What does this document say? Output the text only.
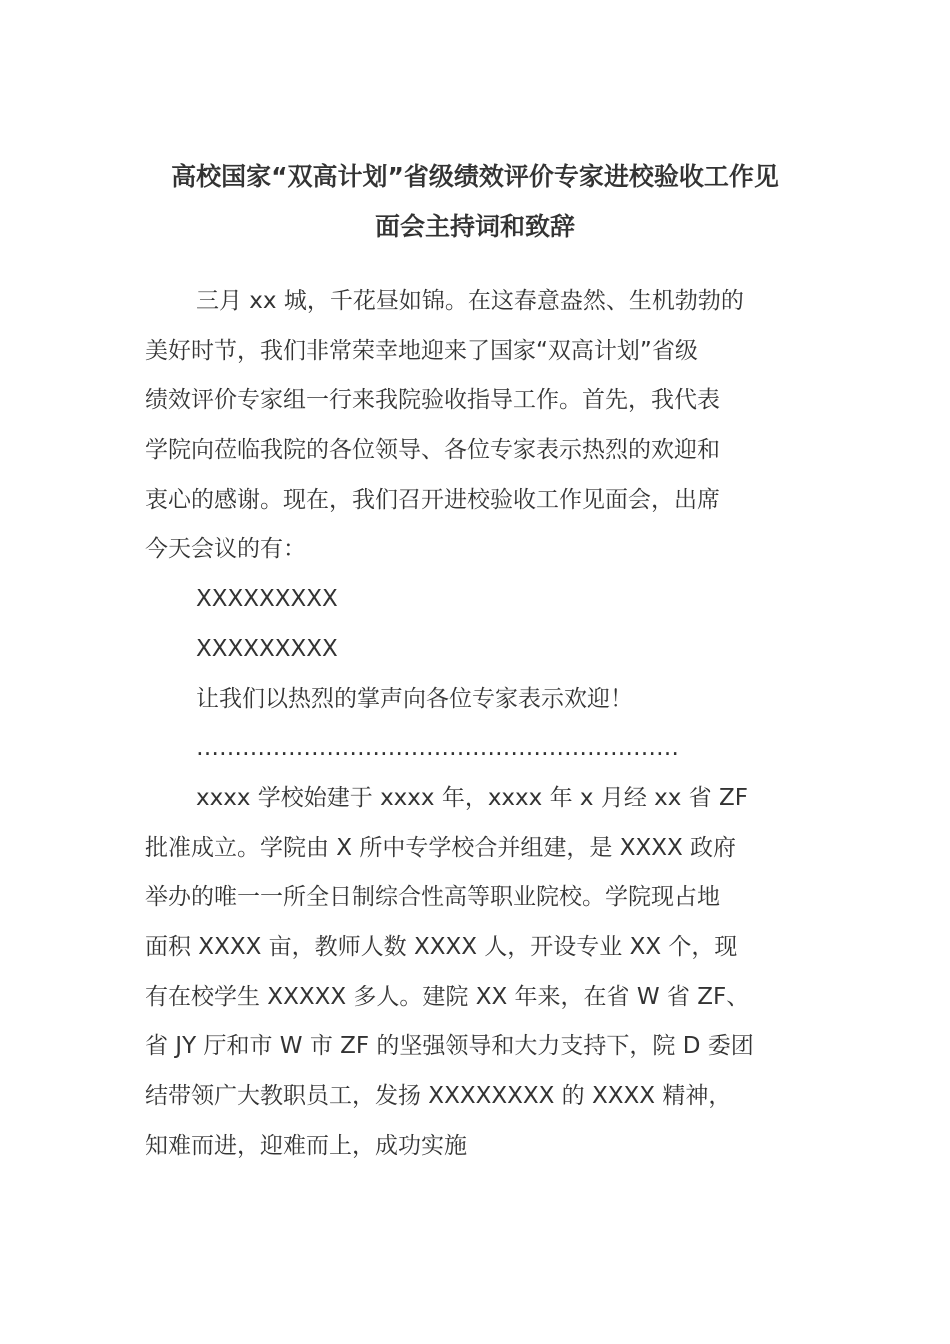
高校国家“双高计划”省级绩效评价专家进校验收工作见
面会主持词和致辞

三月 xx 城，千花昼如锦。在这春意盎然、生机勃勃的
美好时节，我们非常荣幸地迎来了国家“双高计划”省级
绩效评价专家组一行来我院验收指导工作。首先，我代表
学院向莅临我院的各位领导、各位专家表示热烈的欢迎和
衷心的感谢。现在，我们召开进校验收工作见面会，出席
今天会议的有：

XXXXXXXXX

XXXXXXXXX

让我们以热烈的掌声向各位专家表示欢迎！

………………………………………………………

xxxx 学校始建于 xxxx 年，xxxx 年 x 月经 xx 省 ZF
批准成立。学院由 X 所中专学校合并组建，是 XXXX 政府
举办的唯一一所全日制综合性高等职业院校。学院现占地
面积 XXXX 亩，教师人数 XXXX 人，开设专业 XX 个，现
有在校学生 XXXXX 多人。建院 XX 年来，在省 W 省 ZF、
省 JY 厅和市 W 市 ZF 的坚强领导和大力支持下，院 D 委团
结带领广大教职员工，发扬 XXXXXXXX 的 XXXX 精神，
知难而进，迎难而上，成功实施
